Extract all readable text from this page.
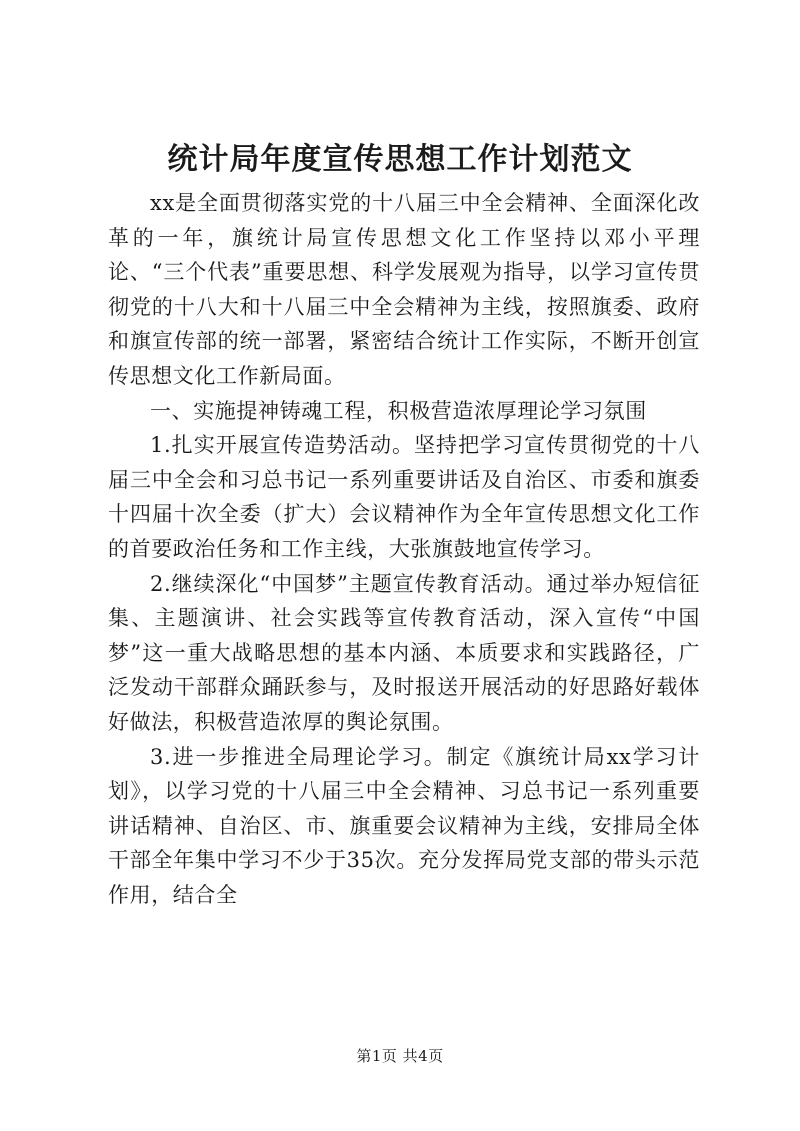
统计局年度宣传思想工作计划范文

xx是全面贯彻落实党的十八届三中全会精神、全面深化改革的一年，旗统计局宣传思想文化工作坚持以邓小平理论、“三个代表”重要思想、科学发展观为指导，以学习宣传贯彻党的十八大和十八届三中全会精神为主线，按照旗委、政府和旗宣传部的统一部署，紧密结合统计工作实际，不断开创宣传思想文化工作新局面。

一、实施提神铸魂工程，积极营造浓厚理论学习氛围

1.扎实开展宣传造势活动。坚持把学习宣传贯彻党的十八届三中全会和习总书记一系列重要讲话及自治区、市委和旗委十四届十次全委（扩大）会议精神作为全年宣传思想文化工作的首要政治任务和工作主线，大张旗鼓地宣传学习。

2.继续深化“中国梦”主题宣传教育活动。通过举办短信征集、主题演讲、社会实践等宣传教育活动，深入宣传“中国梦”这一重大战略思想的基本内涵、本质要求和实践路径，广泛发动干部群众踊跃参与，及时报送开展活动的好思路好载体好做法，积极营造浓厚的舆论氛围。

3.进一步推进全局理论学习。制定《旗统计局xx学习计划》，以学习党的十八届三中全会精神、习总书记一系列重要讲话精神、自治区、市、旗重要会议精神为主线，安排局全体干部全年集中学习不少于35次。充分发挥局党支部的带头示范作用，结合全

第1页 共4页
